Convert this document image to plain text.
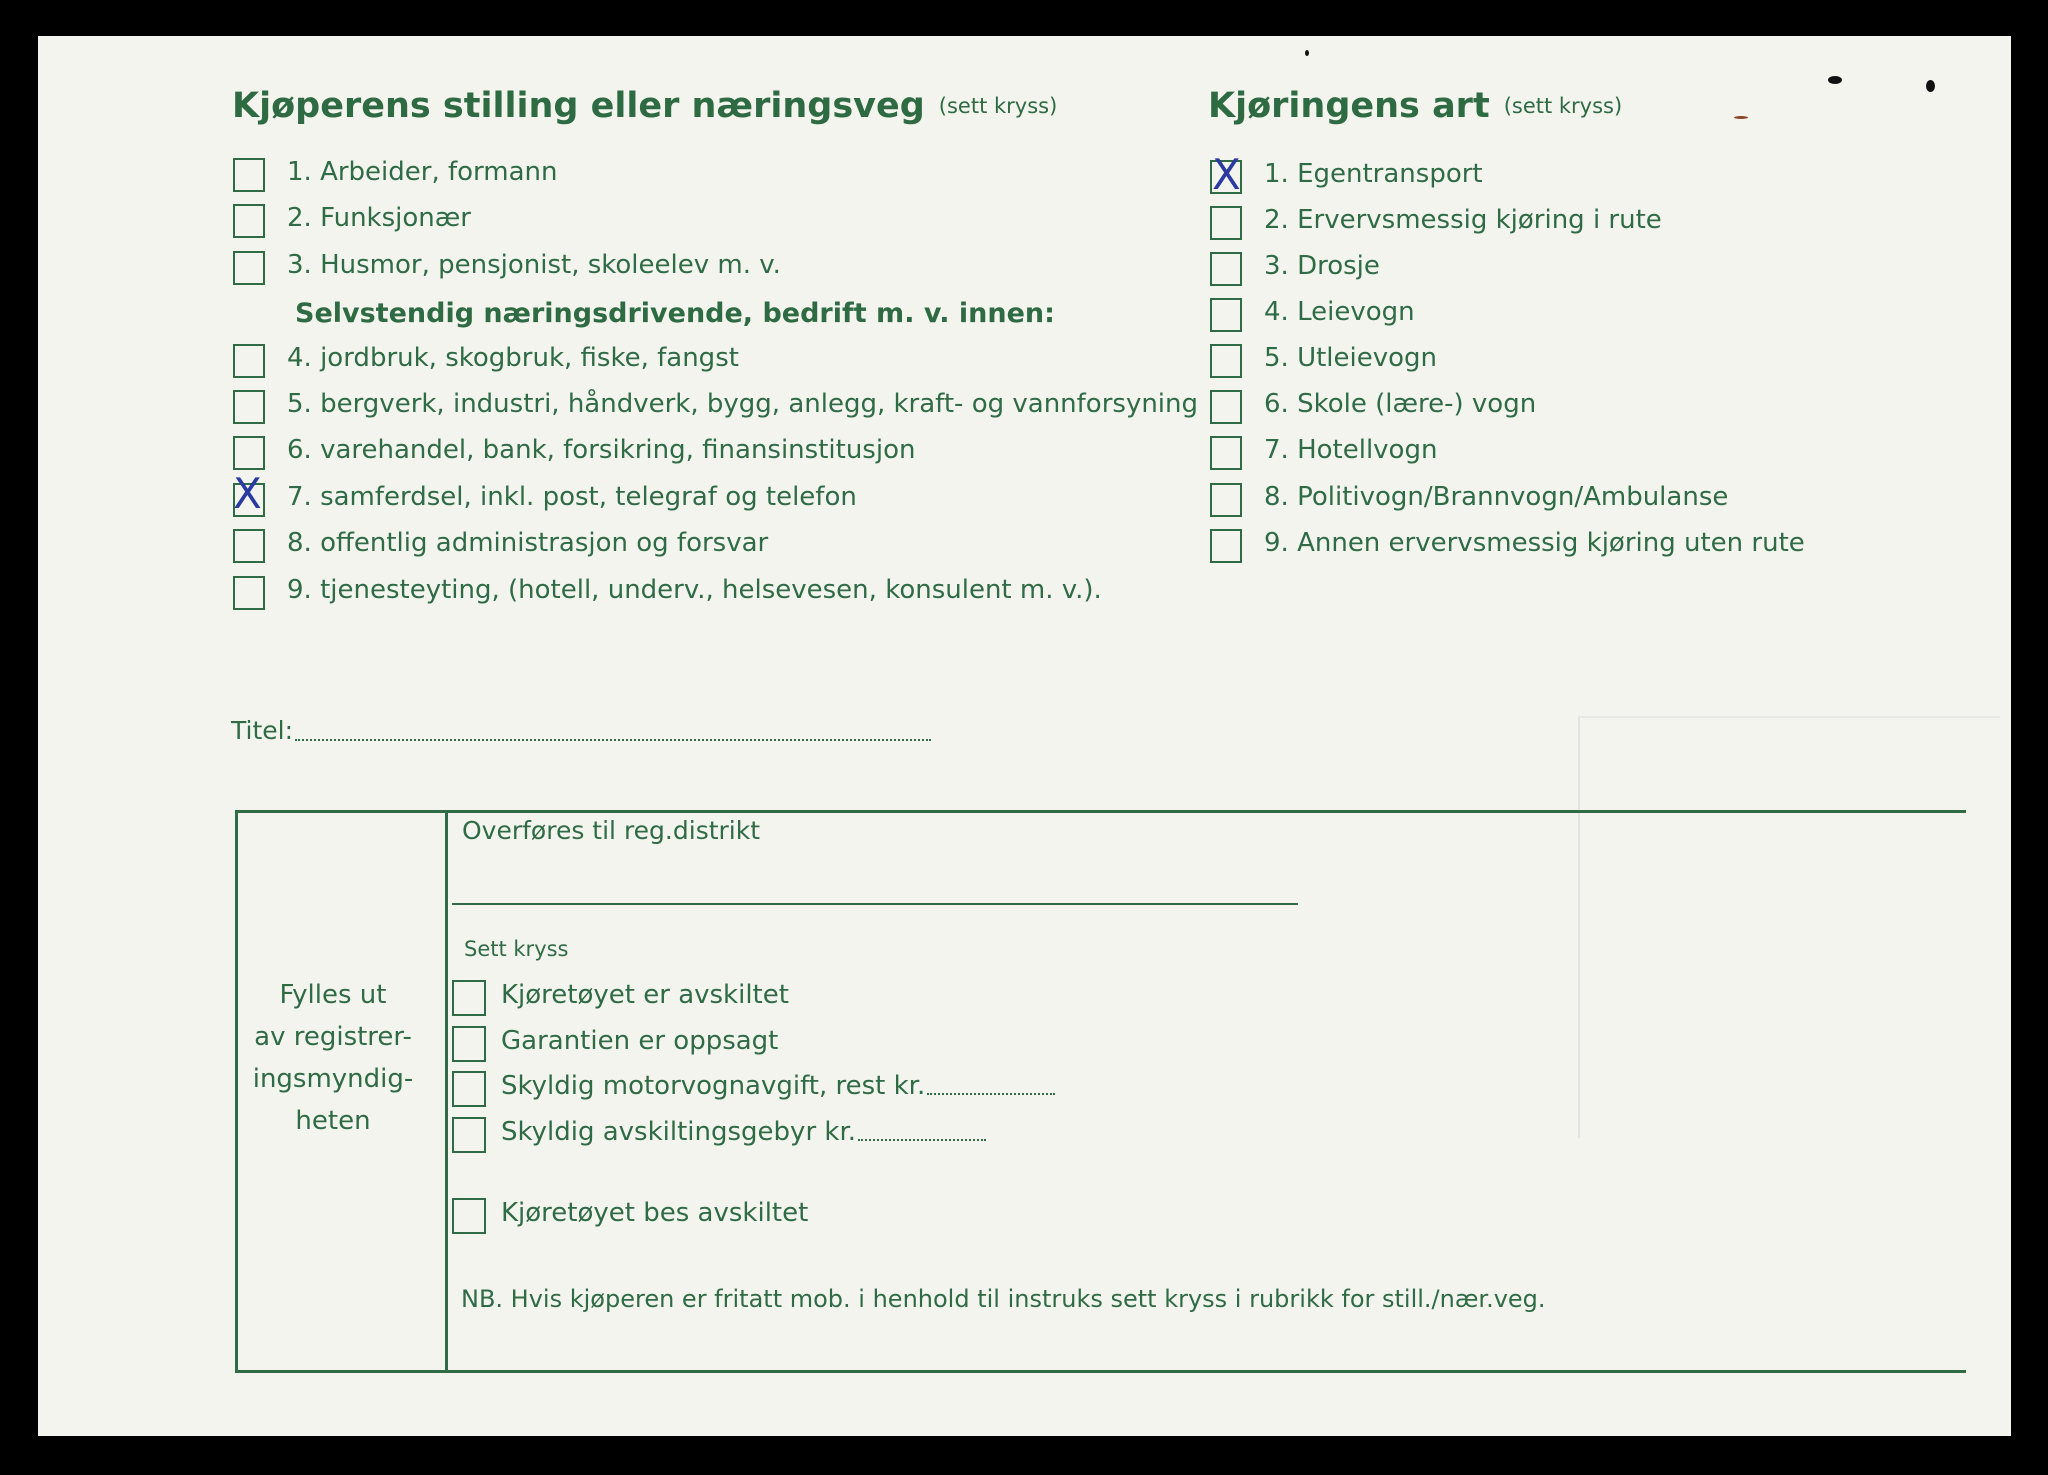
Kjøperens stilling eller næringsveg (sett kryss)
1. Arbeider, formann
2. Funksjonær
3. Husmor, pensjonist, skoleelev m. v.
Selvstendig næringsdrivende, bedrift m. v. innen:
4. jordbruk, skogbruk, fiske, fangst
5. bergverk, industri, håndverk, bygg, anlegg, kraft- og vannforsyning
6. varehandel, bank, forsikring, finansinstitusjon
X 7. samferdsel, inkl. post, telegraf og telefon
8. offentlig administrasjon og forsvar
9. tjenesteyting, (hotell, underv., helsevesen, konsulent m. v.).
Kjøringens art (sett kryss)
X 1. Egentransport
2. Ervervsmessig kjøring i rute
3. Drosje
4. Leievogn
5. Utleievogn
6. Skole (lære-) vogn
7. Hotellvogn
8. Politivogn/Brannvogn/Ambulanse
9. Annen ervervsmessig kjøring uten rute
Titel:
Fylles ut
av registrer-
ingsmyndig-
heten
Overføres til reg.distrikt
Sett kryss
Kjøretøyet er avskiltet
Garantien er oppsagt
Skyldig motorvognavgift, rest kr.
Skyldig avskiltingsgebyr kr.
Kjøretøyet bes avskiltet
NB. Hvis kjøperen er fritatt mob. i henhold til instruks sett kryss i rubrikk for still./nær.veg.
